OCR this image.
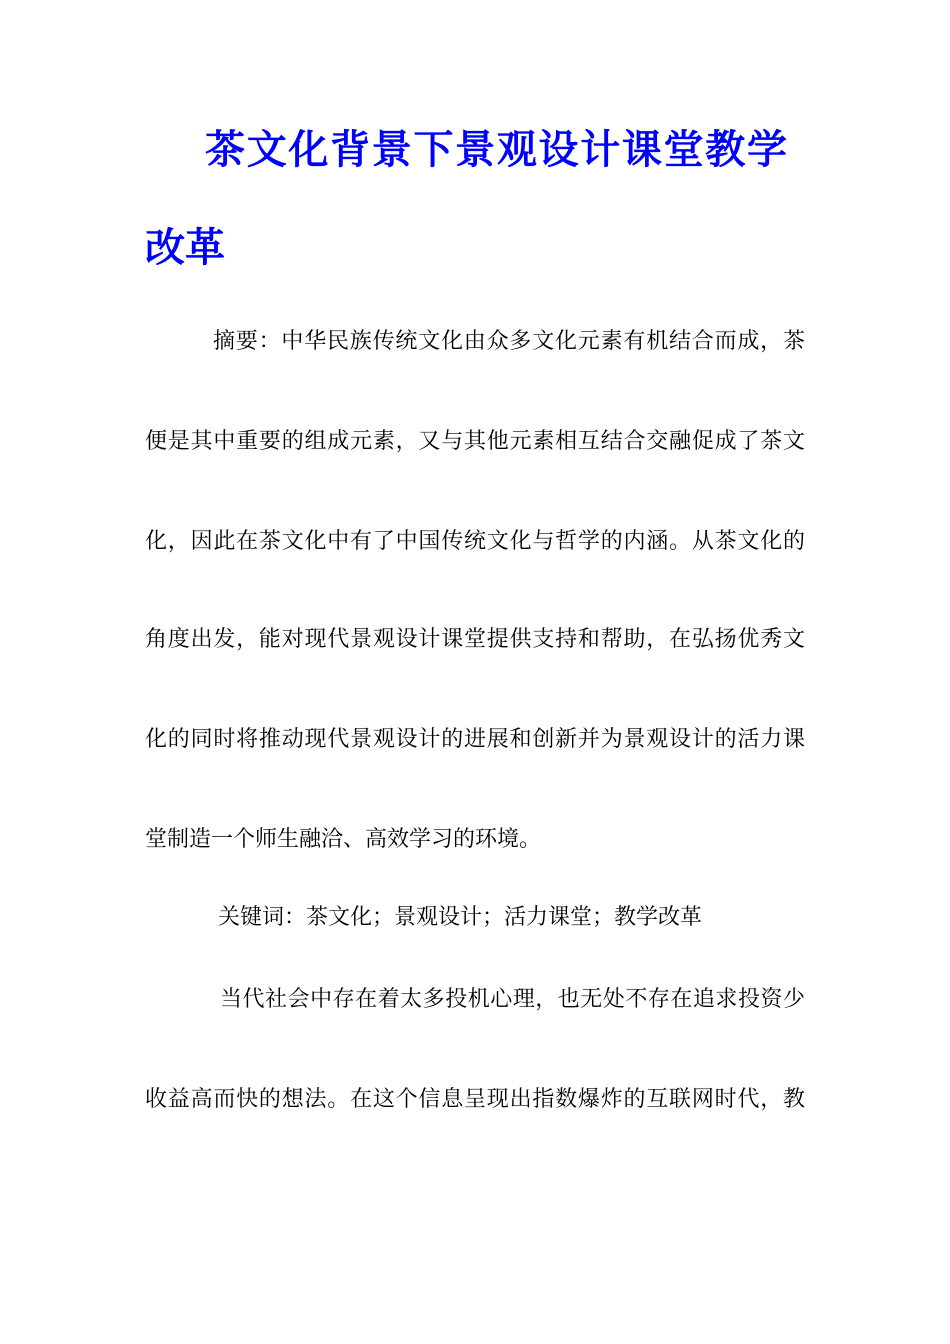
茶文化背景下景观设计课堂教学
改革
摘要：中华民族传统文化由众多文化元素有机结合而成，茶
便是其中重要的组成元素，又与其他元素相互结合交融促成了茶文
化，因此在茶文化中有了中国传统文化与哲学的内涵。从茶文化的
角度出发，能对现代景观设计课堂提供支持和帮助，在弘扬优秀文
化的同时将推动现代景观设计的进展和创新并为景观设计的活力课
堂制造一个师生融洽、高效学习的环境。
关键词：茶文化；景观设计；活力课堂；教学改革
当代社会中存在着太多投机心理，也无处不存在追求投资少
收益高而快的想法。在这个信息呈现出指数爆炸的互联网时代，教
